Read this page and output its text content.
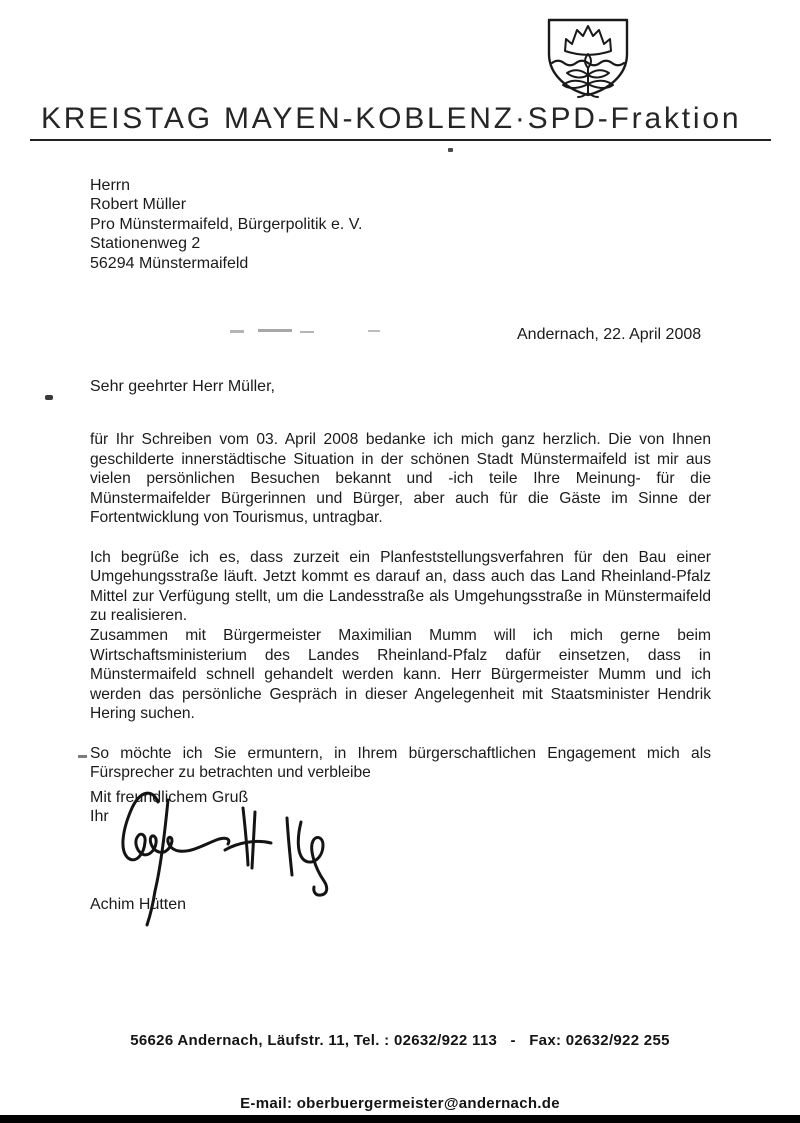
KREISTAG MAYEN-KOBLENZ·SPD-Fraktion
Herrn
Robert Müller
Pro Münstermaifeld, Bürgerpolitik e. V.
Stationenweg 2
56294 Münstermaifeld
Andernach, 22. April 2008
Sehr geehrter Herr Müller,

für Ihr Schreiben vom 03. April 2008 bedanke ich mich ganz herzlich. Die von Ihnen geschilderte innerstädtische Situation in der schönen Stadt Münstermaifeld ist mir aus vielen persönlichen Besuchen bekannt und -ich teile Ihre Meinung- für die Münstermaifelder Bürgerinnen und Bürger, aber auch für die Gäste im Sinne der Fortentwicklung von Tourismus, untragbar.

Ich begrüße ich es, dass zurzeit ein Planfeststellungsverfahren für den Bau einer Umgehungsstraße läuft. Jetzt kommt es darauf an, dass auch das Land Rheinland-Pfalz Mittel zur Verfügung stellt, um die Landesstraße als Umgehungsstraße in Münstermaifeld zu realisieren.

Zusammen mit Bürgermeister Maximilian Mumm will ich mich gerne beim Wirtschaftsministerium des Landes Rheinland-Pfalz dafür einsetzen, dass in Münstermaifeld schnell gehandelt werden kann. Herr Bürgermeister Mumm und ich werden das persönliche Gespräch in dieser Angelegenheit mit Staatsminister Hendrik Hering suchen.

So möchte ich Sie ermuntern, in Ihrem bürgerschaftlichen Engagement mich als Fürsprecher zu betrachten und verbleibe

Mit freundlichem Gruß
Ihr
Achim Hütten

56626 Andernach, Läufstr. 11, Tel. : 02632/922 113   -   Fax: 02632/922 255

E-mail: oberbuergermeister@andernach.de
